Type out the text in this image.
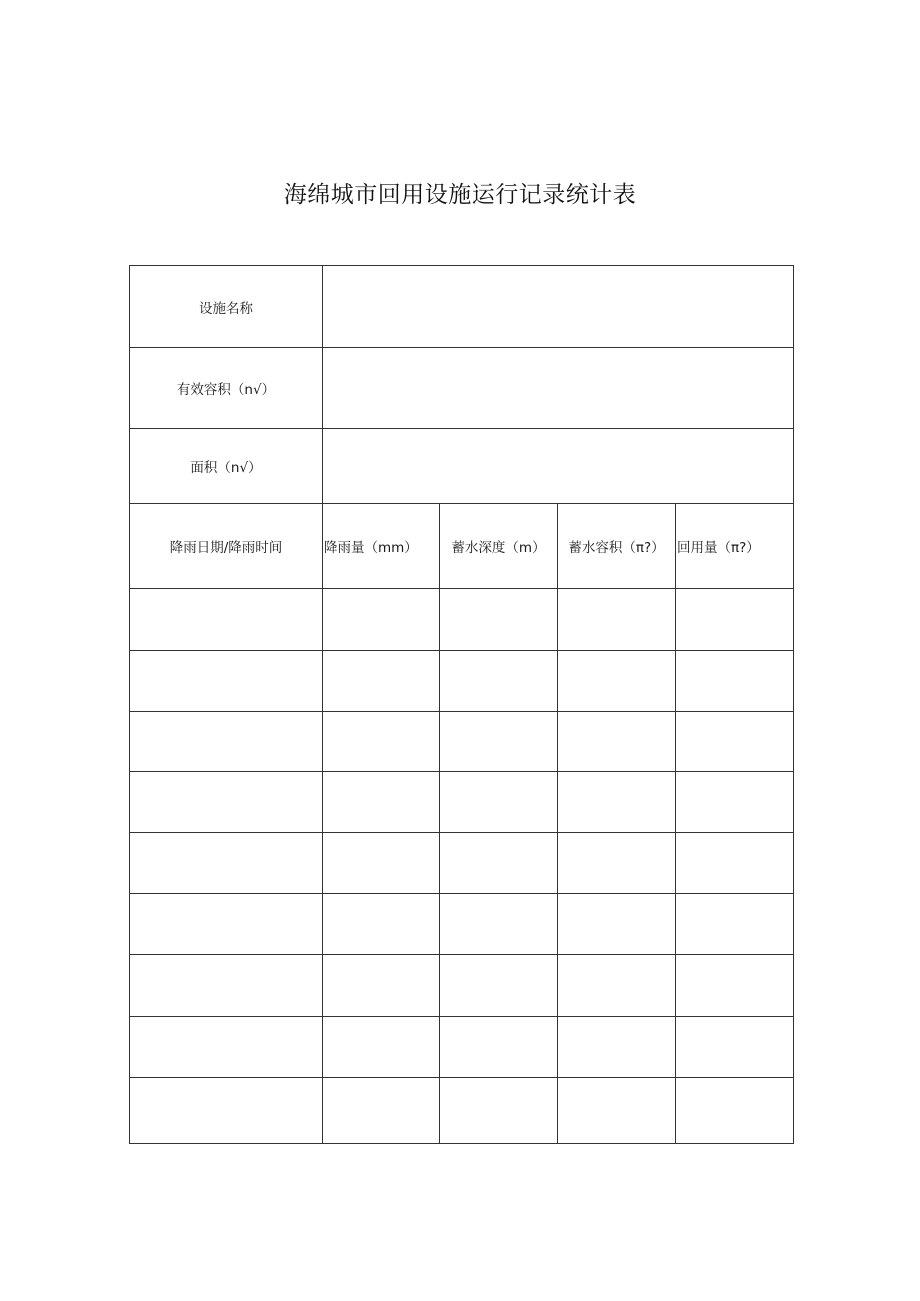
海绵城市回用设施运行记录统计表
设施名称				
有效容积（n√）				
面积（n√）				
降雨日期/降雨时间	降雨量（mm）	蓄水深度（m）	蓄水容积（π?）	回用量（π?）
